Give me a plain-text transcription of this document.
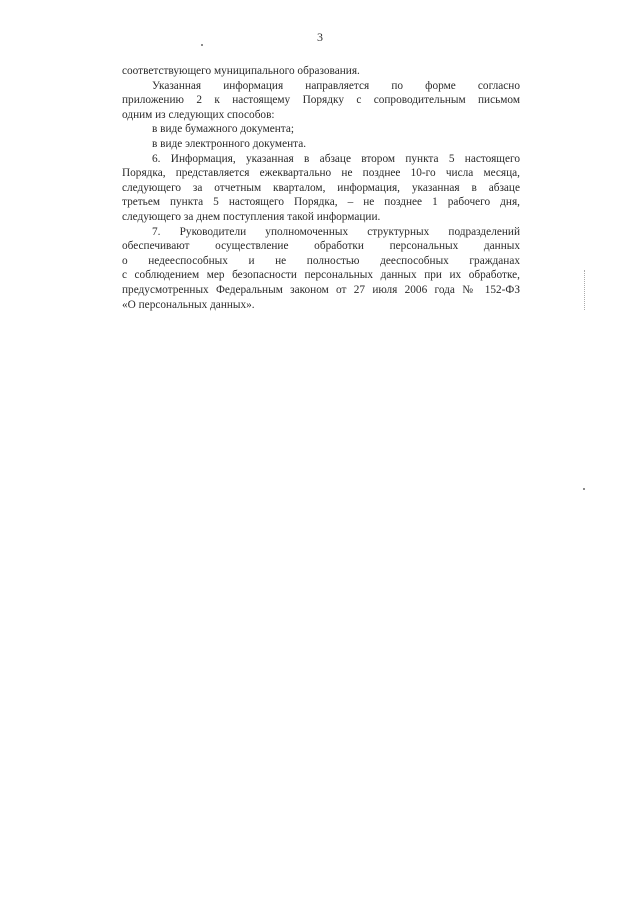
3
соответствующего муниципального образования.
Указанная информация направляется по форме согласно
приложению 2 к настоящему Порядку с сопроводительным письмом
одним из следующих способов:
в виде бумажного документа;
в виде электронного документа.
6. Информация, указанная в абзаце втором пункта 5 настоящего
Порядка, представляется ежеквартально не позднее 10-го числа месяца,
следующего за отчетным кварталом, информация, указанная в абзаце
третьем пункта 5 настоящего Порядка, – не позднее 1 рабочего дня,
следующего за днем поступления такой информации.
7. Руководители уполномоченных структурных подразделений
обеспечивают осуществление обработки персональных данных
о недееспособных и не полностью дееспособных гражданах
с соблюдением мер безопасности персональных данных при их обработке,
предусмотренных Федеральным законом от 27 июля 2006 года № 152-ФЗ
«О персональных данных».
